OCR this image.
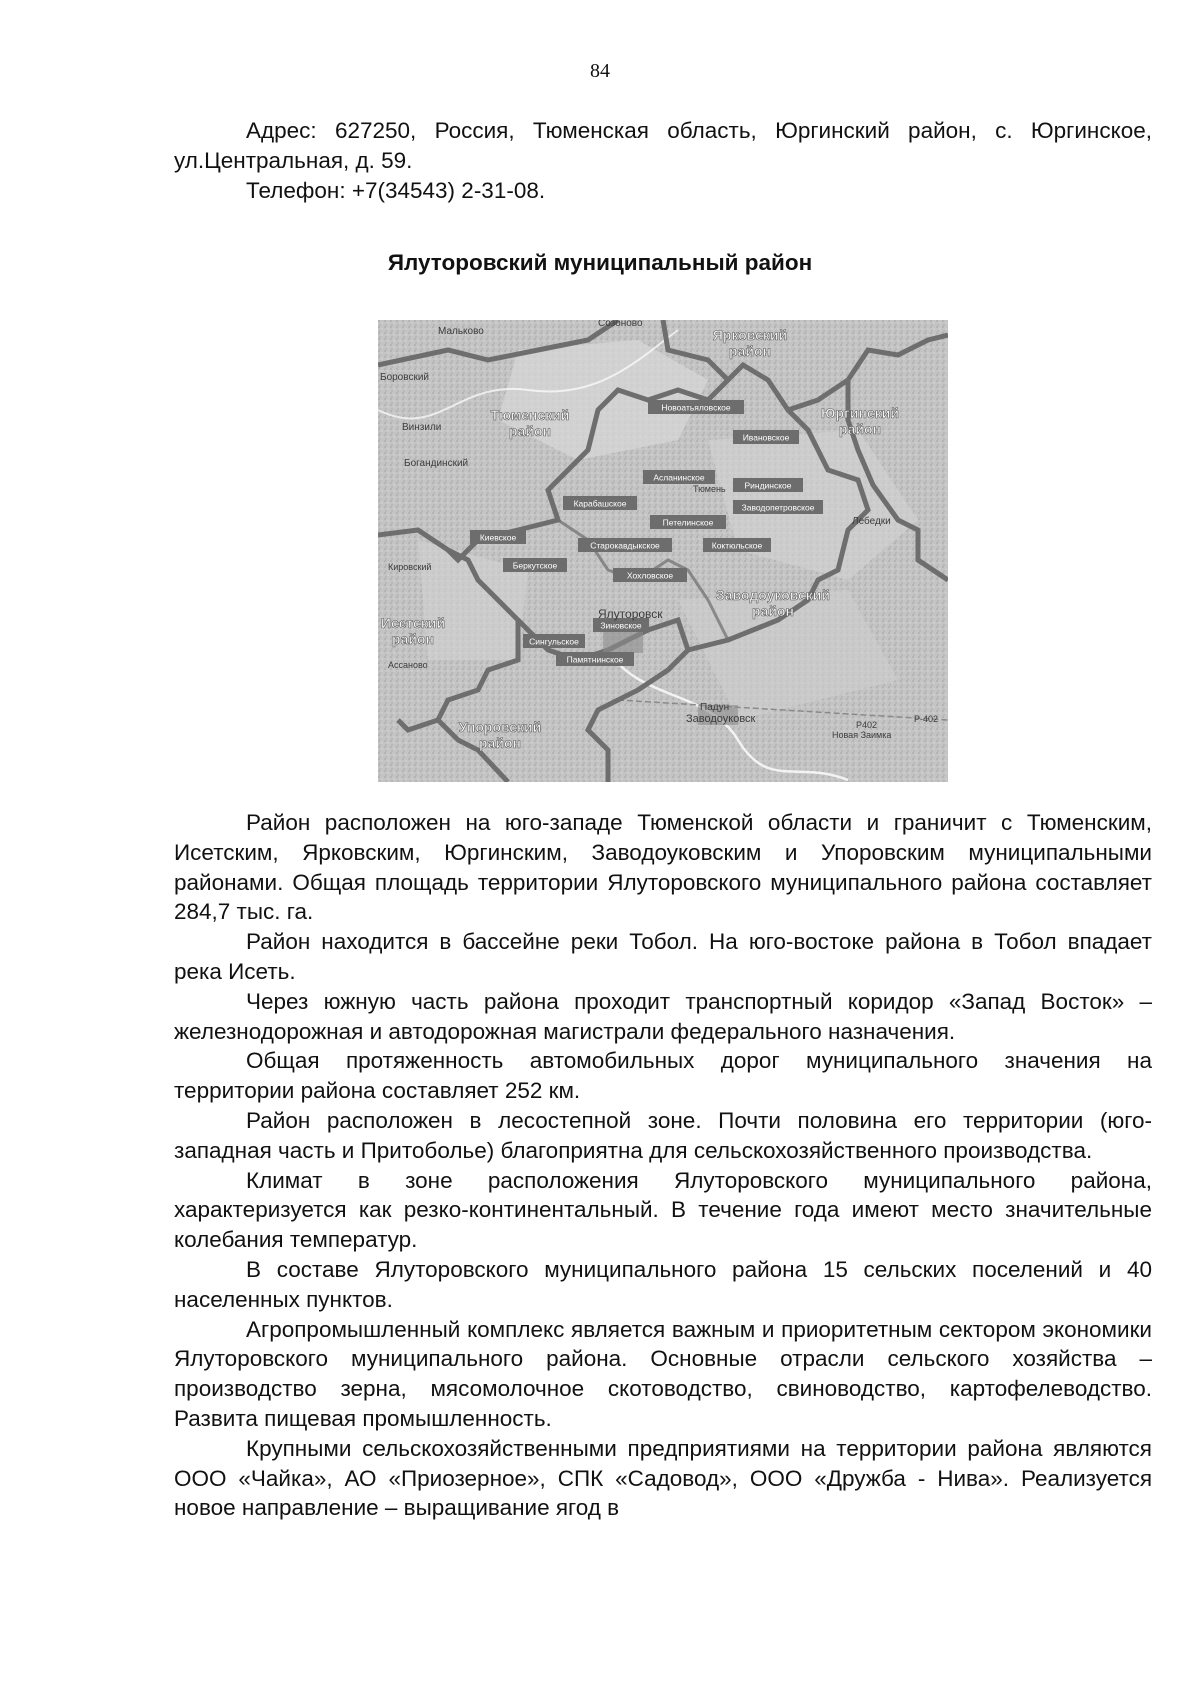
84

Адрес: 627250, Россия, Тюменская область, Юргинский район, с. Юргинское, ул.Центральная, д. 59.

Телефон: +7(34543) 2-31-08.

Ялуторовский муниципальный район
Ярковский
район
Тюменский
район
Юргинский
район
Заводоуковский
район
Исетский
район
Упоровский
район
Новоатьяловское
Ивановское
Асланинское
Риндинское
Карабашское	Заводопетровское
Петелинское
Киевское
Старокавдыкское	Коктюльское
Беркутское
Хохловское
Зиновское
Сингульское
Памятнинское
Мальково
Созоново
Боровский
Винзили
Богандинский
Кировский
Лебедки
Ялуторовск
Ассаново
Падун
Заводоуковск
Новая Заимка
Р402
Р-402
Тюмень

Район расположен на юго-западе Тюменской области и граничит с Тюменским, Исетским, Ярковским, Юргинским, Заводоуковским и Упоровским муниципальными районами. Общая площадь территории Ялуторовского муниципального района составляет 284,7 тыс. га.

Район находится в бассейне реки Тобол. На юго-востоке района в Тобол впадает река Исеть.

Через южную часть района проходит транспортный коридор «Запад Восток» – железнодорожная и автодорожная магистрали федерального назначения.

Общая протяженность автомобильных дорог муниципального значения на территории района составляет 252 км.

Район расположен в лесостепной зоне. Почти половина его территории (юго-западная часть и Притоболье) благоприятна для сельскохозяйственного производства.

Климат в зоне расположения Ялуторовского муниципального района, характеризуется как резко-континентальный. В течение года имеют место значительные колебания температур.

В составе Ялуторовского муниципального района 15 сельских поселений и 40 населенных пунктов.

Агропромышленный комплекс является важным и приоритетным сектором экономики Ялуторовского муниципального района. Основные отрасли сельского хозяйства – производство зерна, мясомолочное скотоводство, свиноводство, картофелеводство. Развита пищевая промышленность.

Крупными сельскохозяйственными предприятиями на территории района являются ООО «Чайка», АО «Приозерное», СПК «Садовод», ООО «Дружба - Нива». Реализуется новое направление – выращивание ягод в
